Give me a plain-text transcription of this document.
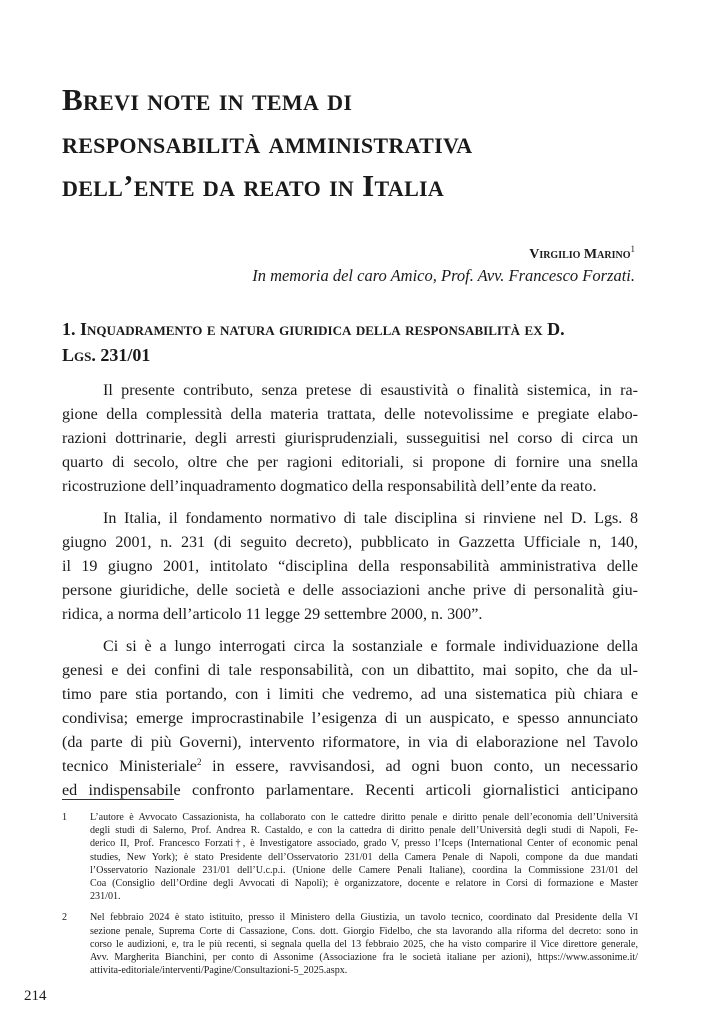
Brevi note in tema di
responsabilità amministrativa
dell’ente da reato in Italia
Virgilio Marino$^1$
In memoria del caro Amico, Prof. Avv. Francesco Forzati.
1. Inquadramento e natura giuridica della responsabilità ex D.
Lgs. 231/01
Il presente contributo, senza pretese di esaustività o finalità sistemica, in ra-
gione della complessità della materia trattata, delle notevolissime e pregiate elabo-
razioni dottrinarie, degli arresti giurisprudenziali, susseguitisi nel corso di circa un
quarto di secolo, oltre che per ragioni editoriali, si propone di fornire una snella
ricostruzione dell’inquadramento dogmatico della responsabilità dell’ente da reato.
In Italia, il fondamento normativo di tale disciplina si rinviene nel D. Lgs. 8
giugno 2001, n. 231 (di seguito decreto), pubblicato in Gazzetta Ufficiale n, 140,
il 19 giugno 2001, intitolato “disciplina della responsabilità amministrativa delle
persone giuridiche, delle società e delle associazioni anche prive di personalità giu-
ridica, a norma dell’articolo 11 legge 29 settembre 2000, n. 300”.
Ci si è a lungo interrogati circa la sostanziale e formale individuazione della
genesi e dei confini di tale responsabilità, con un dibattito, mai sopito, che da ul-
timo pare stia portando, con i limiti che vedremo, ad una sistematica più chiara e
condivisa; emerge improcrastinabile l’esigenza di un auspicato, e spesso annunciato
(da parte di più Governi), intervento riformatore, in via di elaborazione nel Tavolo
tecnico Ministeriale$^2$ in essere, ravvisandosi, ad ogni buon conto, un necessario
ed indispensabile confronto parlamentare. Recenti articoli giornalistici anticipano
1 L’autore è Avvocato Cassazionista, ha collaborato con le cattedre diritto penale e diritto penale dell’economia dell’Università
degli studi di Salerno, Prof. Andrea R. Castaldo, e con la cattedra di diritto penale dell’Università degli studi di Napoli, Fe-
derico II, Prof. Francesco Forzati†, è Investigatore associado, grado V, presso l’Iceps (International Center of economic penal
studies, New York); è stato Presidente dell’Osservatorio 231/01 della Camera Penale di Napoli, compone da due mandati
l’Osservatorio Nazionale 231/01 dell’U.c.p.i. (Unione delle Camere Penali Italiane), coordina la Commissione 231/01 del
Coa (Consiglio dell’Ordine degli Avvocati di Napoli); è organizzatore, docente e relatore in Corsi di formazione e Master
231/01.
2 Nel febbraio 2024 è stato istituito, presso il Ministero della Giustizia, un tavolo tecnico, coordinato dal Presidente della VI
sezione penale, Suprema Corte di Cassazione, Cons. dott. Giorgio Fidelbo, che sta lavorando alla riforma del decreto: sono in
corso le audizioni, e, tra le più recenti, si segnala quella del 13 febbraio 2025, che ha visto comparire il Vice direttore generale,
Avv. Margherita Bianchini, per conto di Assonime (Associazione fra le società italiane per azioni), https://www.assonime.it/
attivita-editoriale/interventi/Pagine/Consultazioni-5_2025.aspx.
214
